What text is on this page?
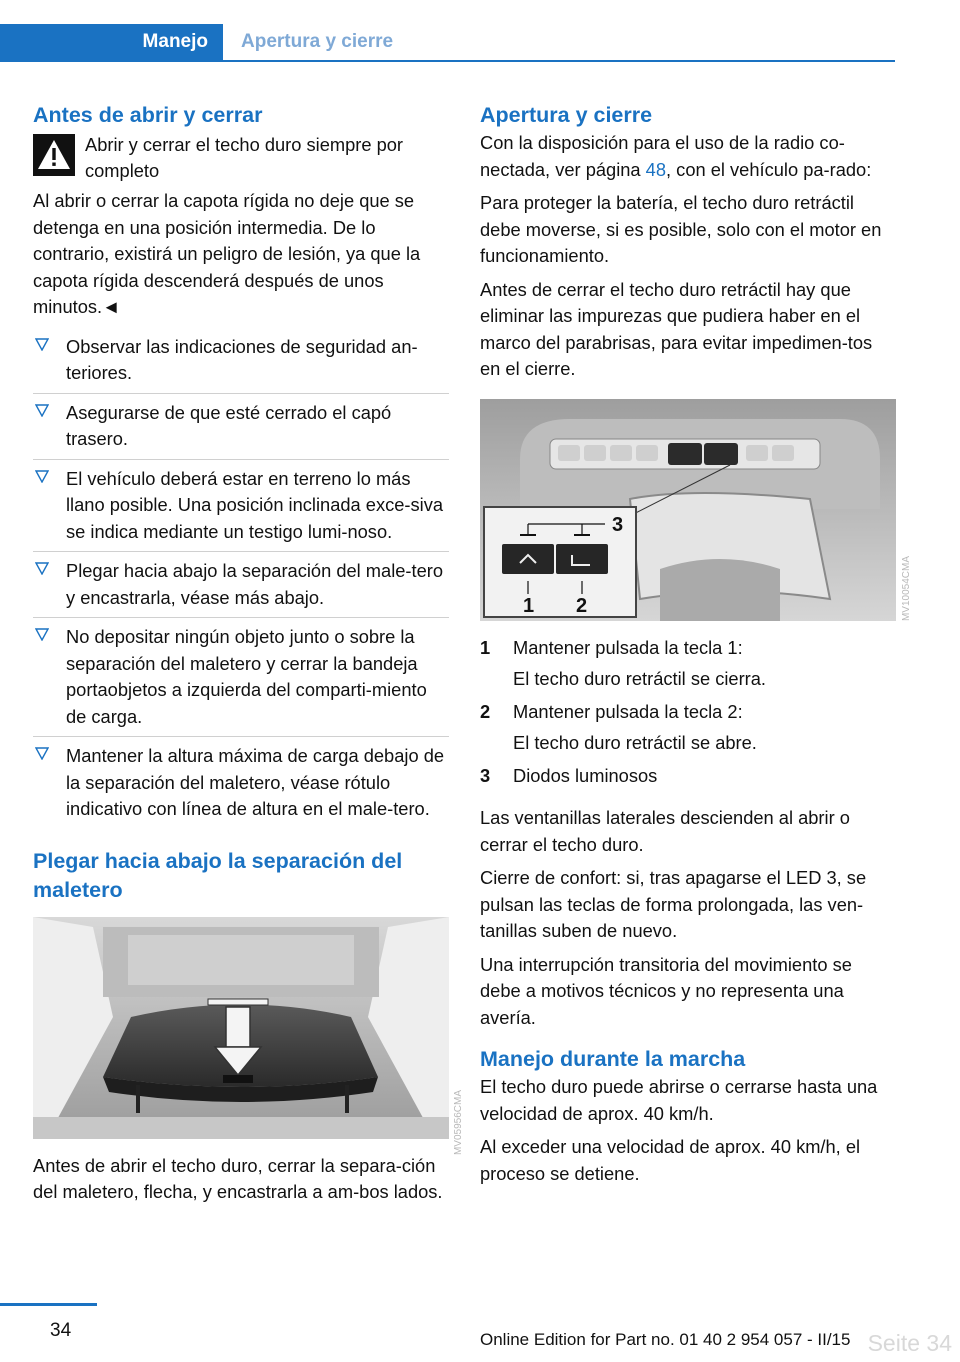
Manejo	Apertura y cierre
Antes de abrir y cerrar
Abrir y cerrar el techo duro siempre por completo

Al abrir o cerrar la capota rígida no deje que se detenga en una posición intermedia. De lo contrario, existirá un peligro de lesión, ya que la capota rígida descenderá después de unos minutos.◄

Observar las indicaciones de seguridad an‐teriores.
Asegurarse de que esté cerrado el capó trasero.
El vehículo deberá estar en terreno lo más llano posible. Una posición inclinada exce‐siva se indica mediante un testigo lumi‐noso.
Plegar hacia abajo la separación del male‐tero y encastrarla, véase más abajo.
No depositar ningún objeto junto o sobre la separación del maletero y cerrar la bandeja portaobjetos a izquierda del comparti‐miento de carga.
Mantener la altura máxima de carga debajo de la separación del maletero, véase rótulo indicativo con línea de altura en el male‐tero.
Plegar hacia abajo la separación del maletero
MV05956CMA

Antes de abrir el techo duro, cerrar la separa‐ción del maletero, flecha, y encastrarla a am‐bos lados.

Apertura y cierre

Con la disposición para el uso de la radio co‐nectada, ver página 48, con el vehículo pa‐rado:

Para proteger la batería, el techo duro retráctil debe moverse, si es posible, solo con el motor en funcionamiento.

Antes de cerrar el techo duro retráctil hay que eliminar las impurezas que pudiera haber en el marco del parabrisas, para evitar impedimen‐tos en el cierre.

3
1 2	MV10054CMA
1	Mantener pulsada la tecla 1:
El techo duro retráctil se cierra.
2	Mantener pulsada la tecla 2:
El techo duro retráctil se abre.
3	Diodos luminosos

Las ventanillas laterales descienden al abrir o cerrar el techo duro.

Cierre de confort: si, tras apagarse el LED 3, se pulsan las teclas de forma prolongada, las ven‐tanillas suben de nuevo.

Una interrupción transitoria del movimiento se debe a motivos técnicos y no representa una avería.

Manejo durante la marcha

El techo duro puede abrirse o cerrarse hasta una velocidad de aprox. 40 km/h.

Al exceder una velocidad de aprox. 40 km/h, el proceso se detiene.

34	Online Edition for Part no. 01 40 2 954 057 - II/15 Seite 34
